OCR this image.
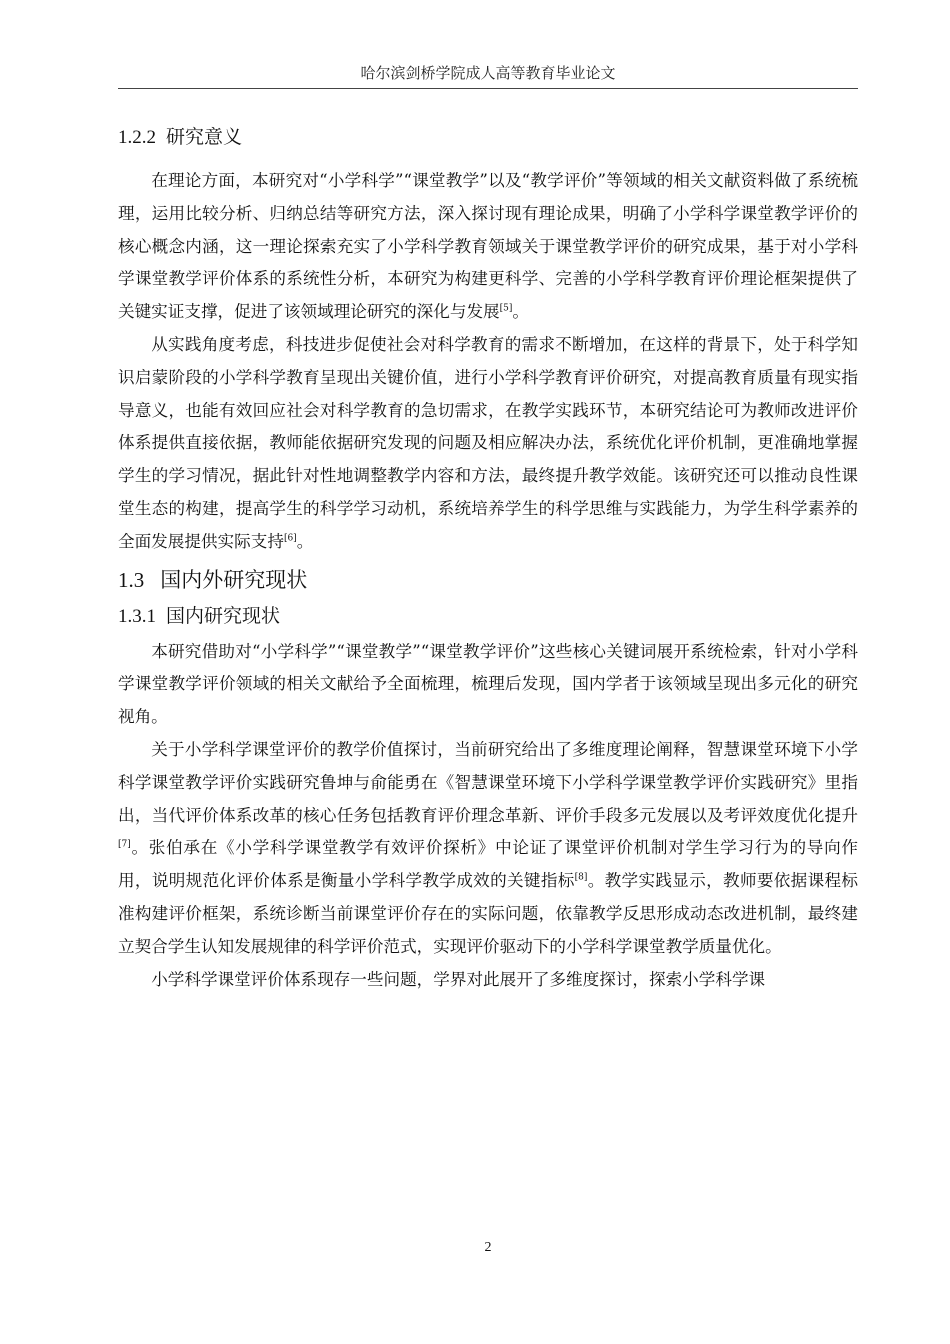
哈尔滨剑桥学院成人高等教育毕业论文
1.2.2 研究意义

在理论方面，本研究对“小学科学”“课堂教学”以及“教学评价”等领域的相关文献资料做了系统梳理，运用比较分析、归纳总结等研究方法，深入探讨现有理论成果，明确了小学科学课堂教学评价的核心概念内涵，这一理论探索充实了小学科学教育领域关于课堂教学评价的研究成果，基于对小学科学课堂教学评价体系的系统性分析，本研究为构建更科学、完善的小学科学教育评价理论框架提供了关键实证支撑，促进了该领域理论研究的深化与发展[5]。

从实践角度考虑，科技进步促使社会对科学教育的需求不断增加，在这样的背景下，处于科学知识启蒙阶段的小学科学教育呈现出关键价值，进行小学科学教育评价研究，对提高教育质量有现实指导意义，也能有效回应社会对科学教育的急切需求，在教学实践环节，本研究结论可为教师改进评价体系提供直接依据，教师能依据研究发现的问题及相应解决办法，系统优化评价机制，更准确地掌握学生的学习情况，据此针对性地调整教学内容和方法，最终提升教学效能。该研究还可以推动良性课堂生态的构建，提高学生的科学学习动机，系统培养学生的科学思维与实践能力，为学生科学素养的全面发展提供实际支持[6]。

1.3 国内外研究现状
1.3.1 国内研究现状

本研究借助对“小学科学”“课堂教学”“课堂教学评价”这些核心关键词展开系统检索，针对小学科学课堂教学评价领域的相关文献给予全面梳理，梳理后发现，国内学者于该领域呈现出多元化的研究视角。

关于小学科学课堂评价的教学价值探讨，当前研究给出了多维度理论阐释，智慧课堂环境下小学科学课堂教学评价实践研究鲁坤与俞能勇在《智慧课堂环境下小学科学课堂教学评价实践研究》里指出，当代评价体系改革的核心任务包括教育评价理念革新、评价手段多元发展以及考评效度优化提升[7]。张伯承在《小学科学课堂教学有效评价探析》中论证了课堂评价机制对学生学习行为的导向作用，说明规范化评价体系是衡量小学科学教学成效的关键指标[8]。教学实践显示，教师要依据课程标准构建评价框架，系统诊断当前课堂评价存在的实际问题，依靠教学反思形成动态改进机制，最终建立契合学生认知发展规律的科学评价范式，实现评价驱动下的小学科学课堂教学质量优化。

小学科学课堂评价体系现存一些问题，学界对此展开了多维度探讨，探索小学科学课

2
